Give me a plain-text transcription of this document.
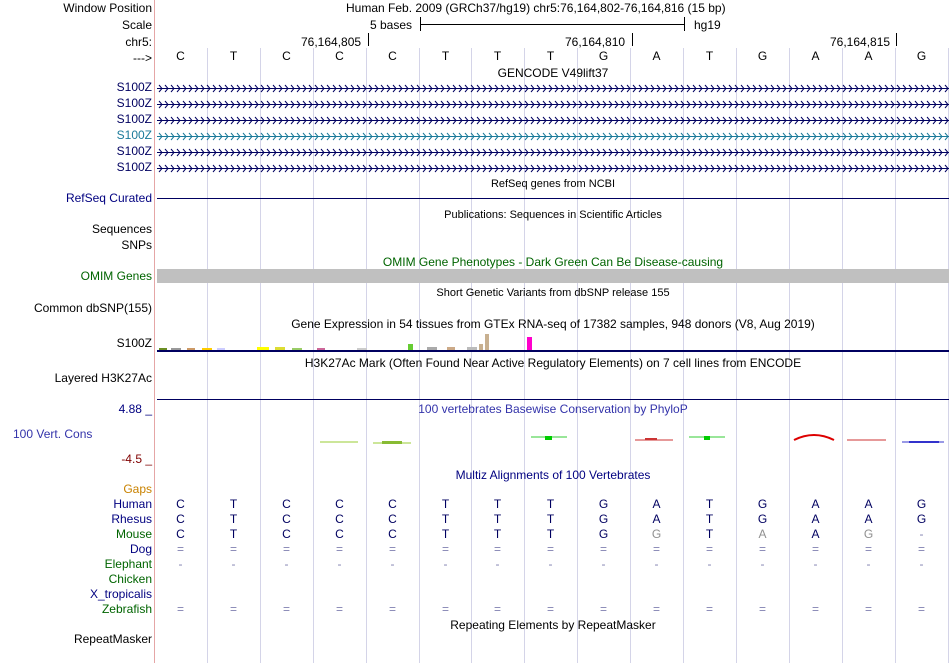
Window Position	Human Feb. 2009 (GRCh37/hg19) chr5:76,164,802-76,164,816 (15 bp)
Scale	5 bases	hg19
chr5:	76,164,805	76,164,810	76,164,815
--->	C	T	C	C	C	T	T	T	G	A	T	G	A	A	G
GENCODE V49lift37
S100Z
S100Z
S100Z
S100Z
S100Z
S100Z
RefSeq genes from NCBI
RefSeq Curated
Publications: Sequences in Scientific Articles
Sequences
SNPs
OMIM Gene Phenotypes - Dark Green Can Be Disease-causing
OMIM Genes
Short Genetic Variants from dbSNP release 155
Common dbSNP(155)
Gene Expression in 54 tissues from GTEx RNA-seq of 17382 samples, 948 donors (V8, Aug 2019)
S100Z
H3K27Ac Mark (Often Found Near Active Regulatory Elements) on 7 cell lines from ENCODE
Layered H3K27Ac
4.88 _	100 vertebrates Basewise Conservation by PhyloP
100 Vert. Cons
-4.5 _
Multiz Alignments of 100 Vertebrates
Gaps
Human	C	T	C	C	C	T	T	T	G	A	T	G	A	A	G
Rhesus	C	T	C	C	C	T	T	T	G	A	T	G	A	A	G
Mouse	C	T	C	C	C	T	T	T	G	G	T	A	A	G	-
Dog	=	=	=	=	=	=	=	=	=	=	=	=	=	=	=
Elephant	-	-	-	-	-	-	-	-	-	-	-	-	-	-	-
Chicken
X_tropicalis
Zebrafish	=	=	=	=	=	=	=	=	=	=	=	=	=	=	=
Repeating Elements by RepeatMasker
RepeatMasker
